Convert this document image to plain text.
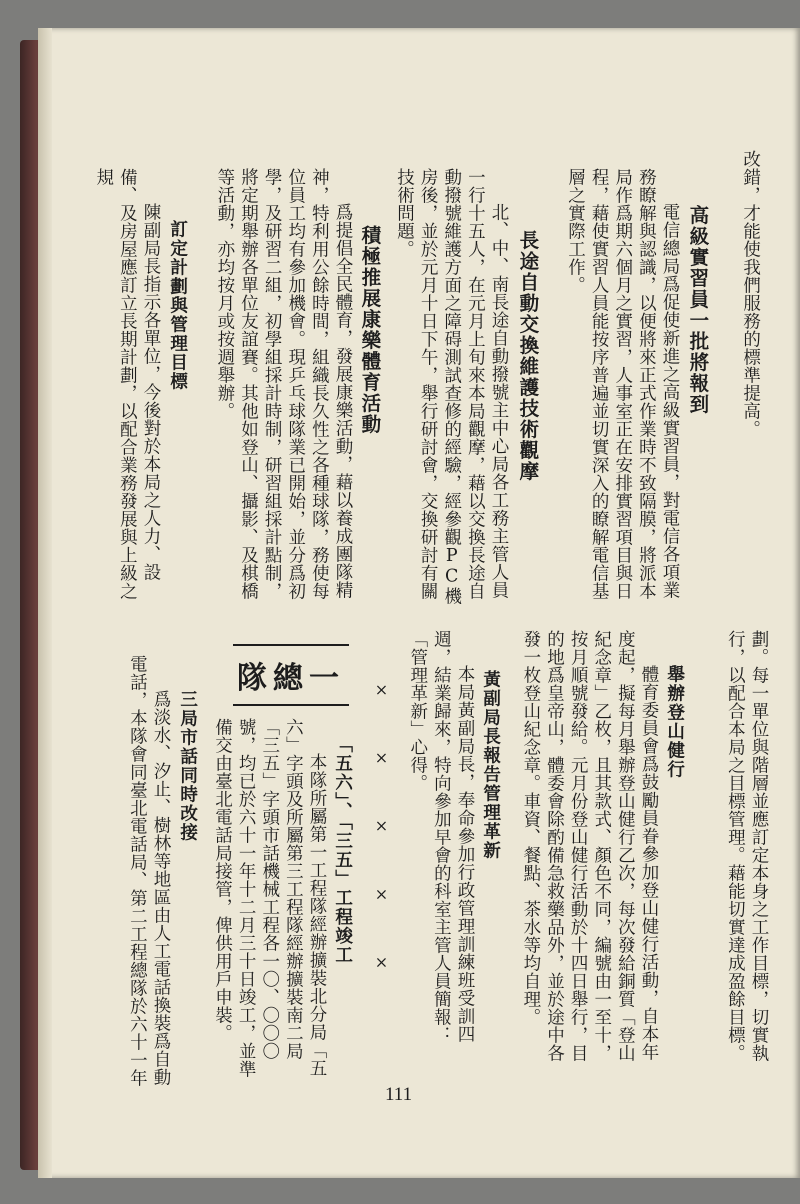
改錯，才能使我們服務的標準提高。

高級實習員一批將報到

電信總局爲促使新進之高級實習員，對電信各項業務瞭解與認識，以便將來正式作業時不致隔膜，將派本局作爲期六個月之實習，人事室正在安排實習項目與日程，藉使實習人員能按序普遍並切實深入的瞭解電信基層之實際工作。

長途自動交換維護技術觀摩

北、中、南長途自動撥號主中心局各工務主管人員一行十五人，在元月上旬來本局觀摩，藉以交換長途自動撥號維護方面之障碍測試查修的經驗，經參觀PC機房後，並於元月十日下午，舉行研討會，交換研討有關技術問題。

積極推展康樂體育活動

爲提倡全民體育，發展康樂活動，藉以養成團隊精神，特利用公餘時間，組織長久性之各種球隊，務使每位員工均有參加機會。現乒乓球隊業已開始，並分爲初學，及研習二組，初學組採計時制，研習組採計點制，將定期舉辦各單位友誼賽。其他如登山、攝影、及棋橋等活動，亦均按月或按週舉辦。

訂定計劃與管理目標

陳副局長指示各單位，今後對於本局之人力、設備、及房屋應訂立長期計劃，以配合業務發展與上級之規

劃。每一單位與階層並應訂定本身之工作目標，切實執行，以配合本局之目標管理。藉能切實達成盈餘目標。

舉辦登山健行

體育委員會爲鼓勵員眷參加登山健行活動，自本年度起，擬每月舉辦登山健行乙次，每次發給銅質「登山紀念章」乙枚，且其款式、顏色不同，編號由一至十，按月順號發給。元月份登山健行活動於十四日舉行，目的地爲皇帝山，體委會除酌備急救藥品外，並於途中各發一枚登山紀念章。車資、餐點、茶水等均自理。

黃副局長報告管理革新

本局黃副局長，奉命參加行政管理訓練班受訓四週，結業歸來，特向參加早會的科室主管人員簡報：「管理革新」心得。

× × × × ×
一總隊
「五六」、「三五」工程竣工

本隊所屬第一工程隊經辦擴裝北分局「五六」字頭及所屬第三工程隊經辦擴裝南二局「三五」字頭市話機械工程各一〇、〇〇〇號，均已於六十一年十二月三十日竣工，並準備交由臺北電話局接管，俾供用戶申裝。

三局市話同時改接

爲淡水、汐止、樹林等地區由人工電話換裝爲自動電話，本隊會同臺北電話局、第二工程總隊於六十一年

111
